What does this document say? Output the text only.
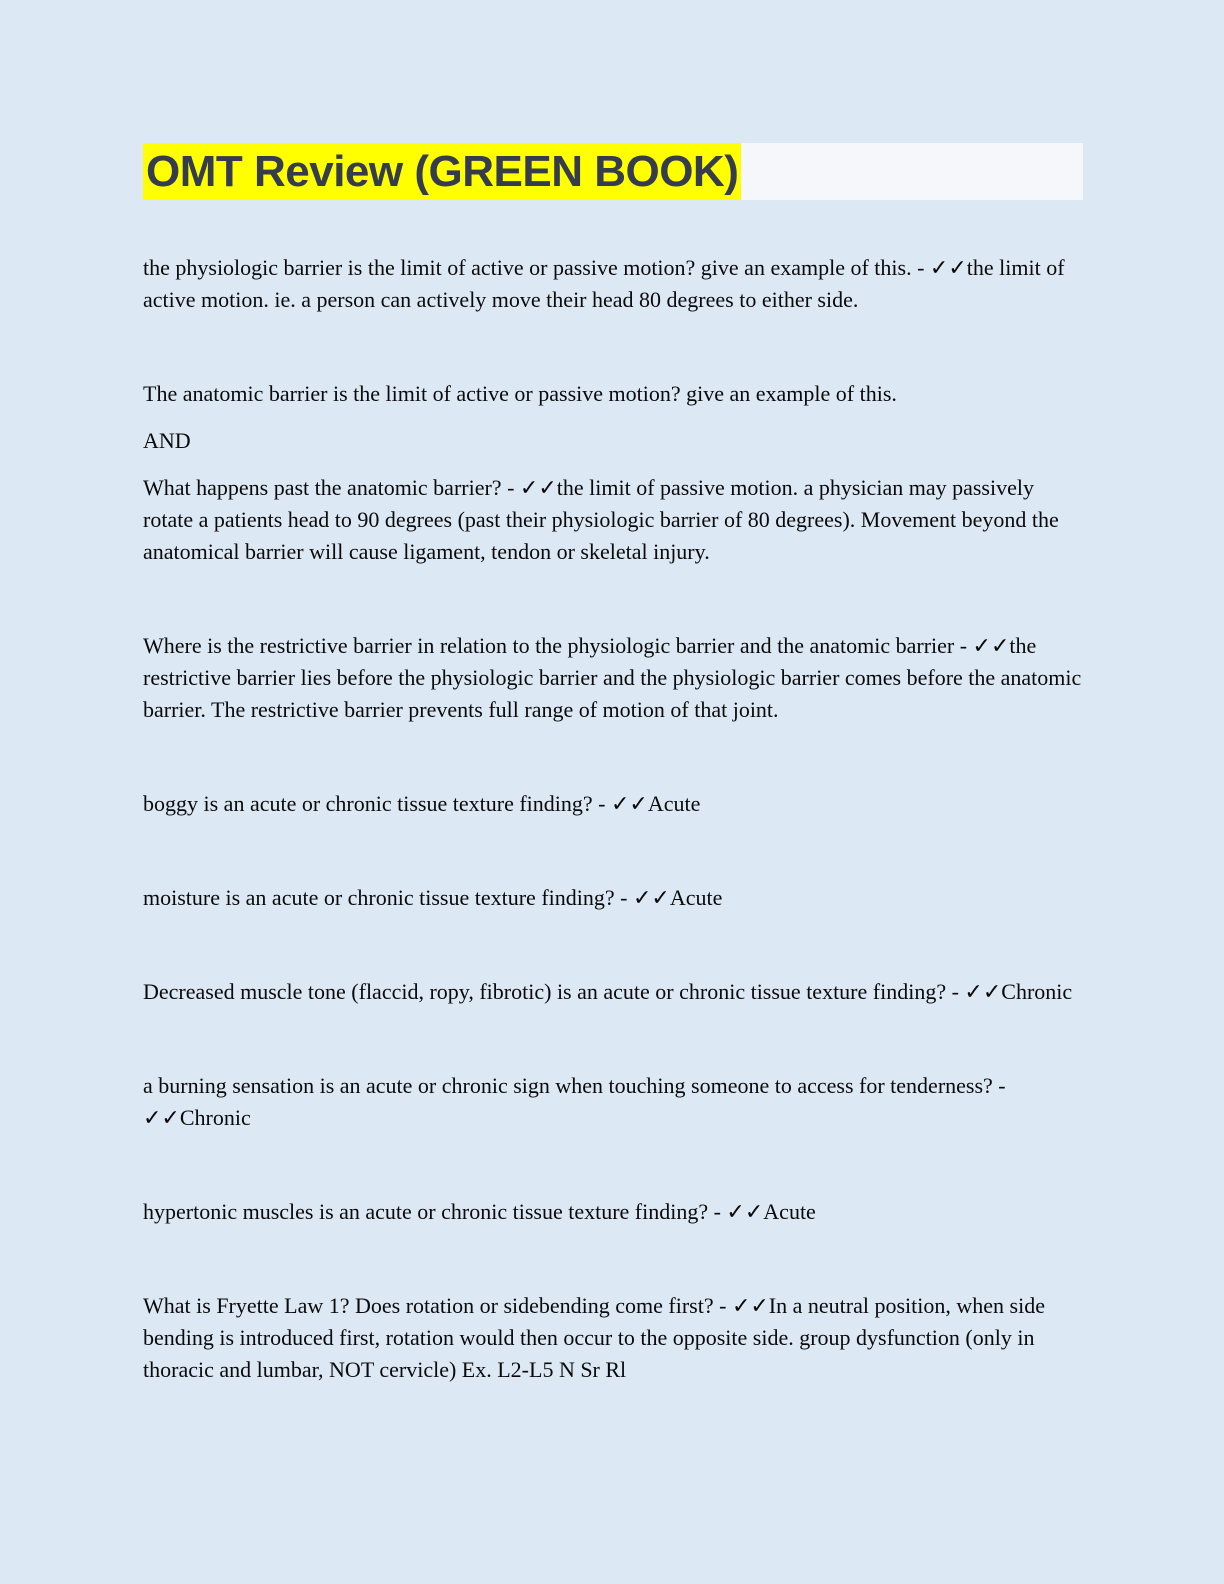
OMT Review (GREEN BOOK)

the physiologic barrier is the limit of active or passive motion? give an example of this. - ✓✓the limit of active motion. ie. a person can actively move their head 80 degrees to either side.

The anatomic barrier is the limit of active or passive motion? give an example of this.

AND

What happens past the anatomic barrier? - ✓✓the limit of passive motion. a physician may passively rotate a patients head to 90 degrees (past their physiologic barrier of 80 degrees). Movement beyond the anatomical barrier will cause ligament, tendon or skeletal injury.

Where is the restrictive barrier in relation to the physiologic barrier and the anatomic barrier - ✓✓the restrictive barrier lies before the physiologic barrier and the physiologic barrier comes before the anatomic barrier. The restrictive barrier prevents full range of motion of that joint.

boggy is an acute or chronic tissue texture finding? - ✓✓Acute

moisture is an acute or chronic tissue texture finding? - ✓✓Acute

Decreased muscle tone (flaccid, ropy, fibrotic) is an acute or chronic tissue texture finding? - ✓✓Chronic

a burning sensation is an acute or chronic sign when touching someone to access for tenderness? - ✓✓Chronic

hypertonic muscles is an acute or chronic tissue texture finding? - ✓✓Acute

What is Fryette Law 1? Does rotation or sidebending come first? - ✓✓In a neutral position, when side bending is introduced first, rotation would then occur to the opposite side. group dysfunction (only in thoracic and lumbar, NOT cervicle) Ex. L2-L5 N Sr Rl
